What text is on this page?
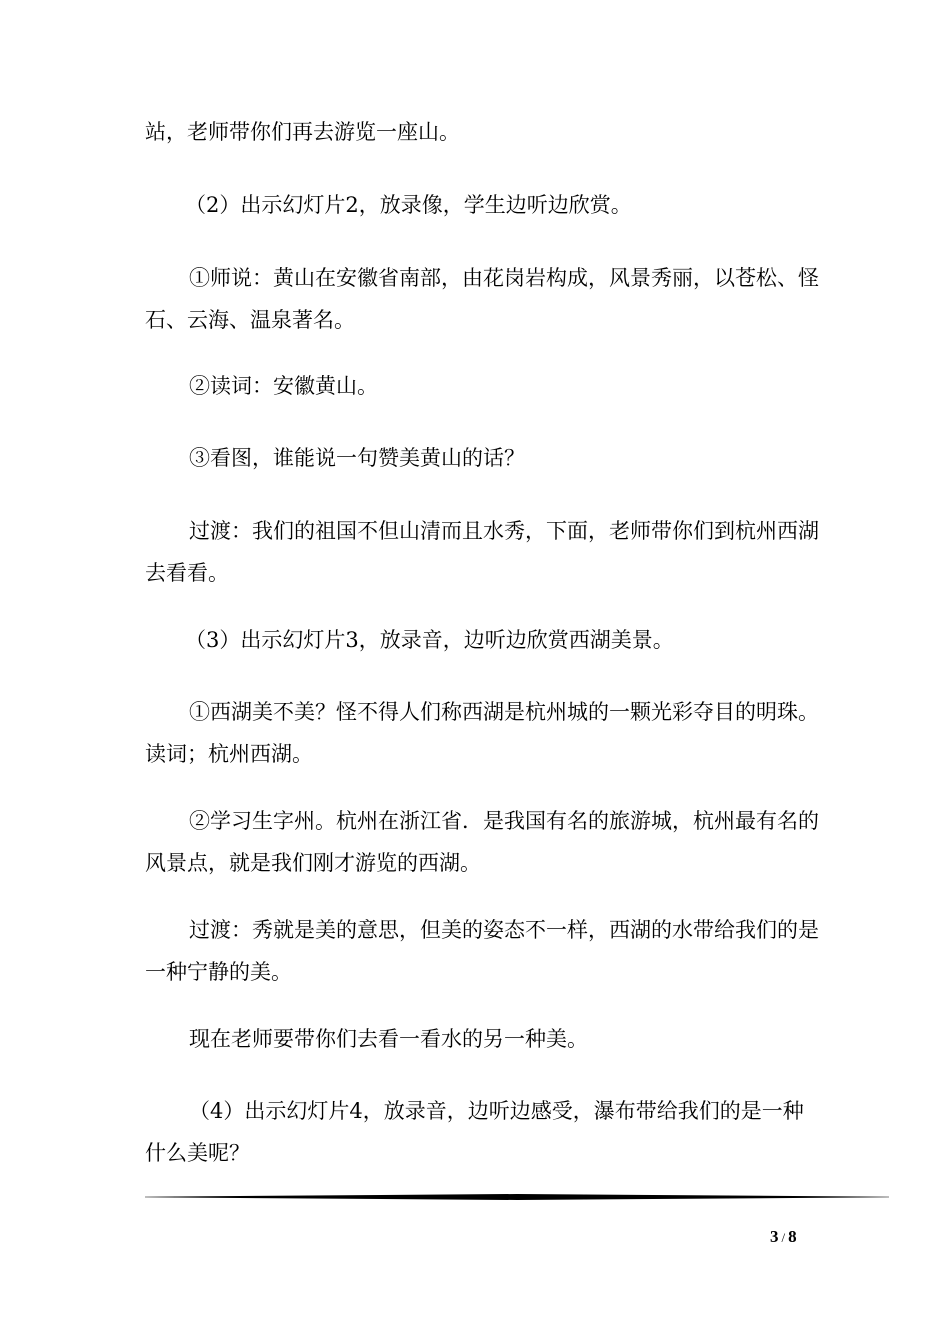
站，老师带你们再去游览一座山。

（2）出示幻灯片2，放录像，学生边听边欣赏。

①师说：黄山在安徽省南部，由花岗岩构成，风景秀丽，以苍松、怪石、云海、温泉著名。

②读词：安徽黄山。

③看图，谁能说一句赞美黄山的话？

过渡：我们的祖国不但山清而且水秀，下面，老师带你们到杭州西湖去看看。

（3）出示幻灯片3，放录音，边听边欣赏西湖美景。

①西湖美不美？怪不得人们称西湖是杭州城的一颗光彩夺目的明珠。读词；杭州西湖。

②学习生字州。杭州在浙江省．是我国有名的旅游城，杭州最有名的风景点，就是我们刚才游览的西湖。

过渡：秀就是美的意思，但美的姿态不一样，西湖的水带给我们的是一种宁静的美。

现在老师要带你们去看一看水的另一种美。

（4）出示幻灯片4，放录音，边听边感受，瀑布带给我们的是一种什么美呢？

3 / 8
